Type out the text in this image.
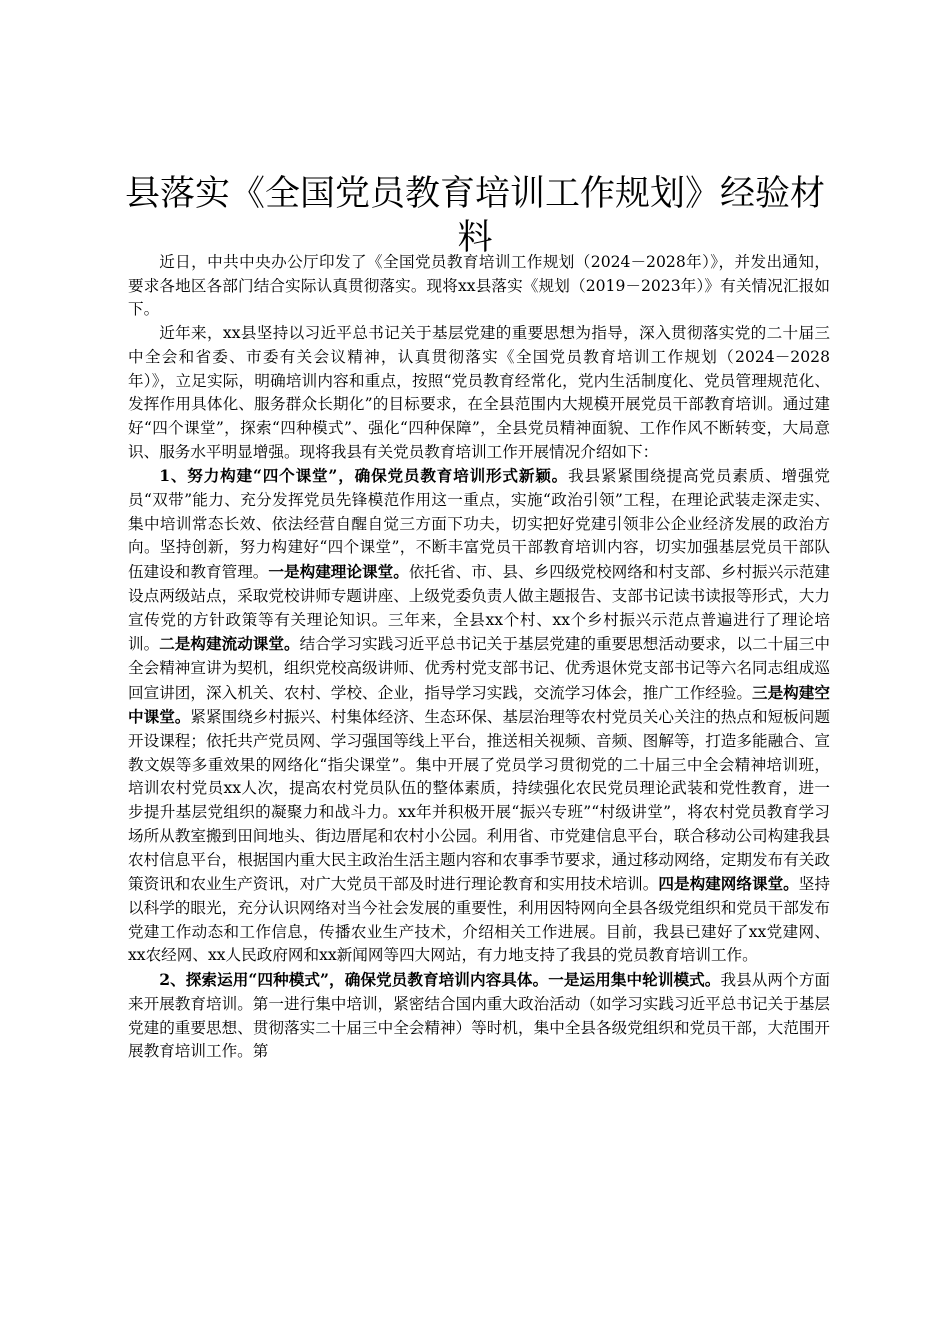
县落实《全国党员教育培训工作规划》经验材料

近日，中共中央办公厅印发了《全国党员教育培训工作规划（2024－2028年）》，并发出通知，要求各地区各部门结合实际认真贯彻落实。现将xx县落实《规划（2019－2023年）》有关情况汇报如下。

近年来，xx县坚持以习近平总书记关于基层党建的重要思想为指导，深入贯彻落实党的二十届三中全会和省委、市委有关会议精神，认真贯彻落实《全国党员教育培训工作规划（2024－2028年）》，立足实际，明确培训内容和重点，按照“党员教育经常化，党内生活制度化、党员管理规范化、发挥作用具体化、服务群众长期化”的目标要求，在全县范围内大规模开展党员干部教育培训。通过建好“四个课堂”，探索“四种模式”、强化“四种保障”，全县党员精神面貌、工作作风不断转变，大局意识、服务水平明显增强。现将我县有关党员教育培训工作开展情况介绍如下：

1、努力构建“四个课堂”，确保党员教育培训形式新颖。我县紧紧围绕提高党员素质、增强党员“双带”能力、充分发挥党员先锋模范作用这一重点，实施“政治引领”工程，在理论武装走深走实、集中培训常态长效、依法经营自醒自觉三方面下功夫，切实把好党建引领非公企业经济发展的政治方向。坚持创新，努力构建好“四个课堂”，不断丰富党员干部教育培训内容，切实加强基层党员干部队伍建设和教育管理。一是构建理论课堂。依托省、市、县、乡四级党校网络和村支部、乡村振兴示范建设点两级站点，采取党校讲师专题讲座、上级党委负责人做主题报告、支部书记读书读报等形式，大力宣传党的方针政策等有关理论知识。三年来，全县xx个村、xx个乡村振兴示范点普遍进行了理论培训。二是构建流动课堂。结合学习实践习近平总书记关于基层党建的重要思想活动要求，以二十届三中全会精神宣讲为契机，组织党校高级讲师、优秀村党支部书记、优秀退休党支部书记等六名同志组成巡回宣讲团，深入机关、农村、学校、企业，指导学习实践，交流学习体会，推广工作经验。三是构建空中课堂。紧紧围绕乡村振兴、村集体经济、生态环保、基层治理等农村党员关心关注的热点和短板问题开设课程；依托共产党员网、学习强国等线上平台，推送相关视频、音频、图解等，打造多能融合、宣教文娱等多重效果的网络化“指尖课堂”。集中开展了党员学习贯彻党的二十届三中全会精神培训班，培训农村党员xx人次，提高农村党员队伍的整体素质，持续强化农民党员理论武装和党性教育，进一步提升基层党组织的凝聚力和战斗力。xx年并积极开展“振兴专班”“村级讲堂”，将农村党员教育学习场所从教室搬到田间地头、街边厝尾和农村小公园。利用省、市党建信息平台，联合移动公司构建我县农村信息平台，根据国内重大民主政治生活主题内容和农事季节要求，通过移动网络，定期发布有关政策资讯和农业生产资讯，对广大党员干部及时进行理论教育和实用技术培训。四是构建网络课堂。坚持以科学的眼光，充分认识网络对当今社会发展的重要性，利用因特网向全县各级党组织和党员干部发布党建工作动态和工作信息，传播农业生产技术，介绍相关工作进展。目前，我县已建好了xx党建网、xx农经网、xx人民政府网和xx新闻网等四大网站，有力地支持了我县的党员教育培训工作。

2、探索运用“四种模式”，确保党员教育培训内容具体。一是运用集中轮训模式。我县从两个方面来开展教育培训。第一进行集中培训，紧密结合国内重大政治活动（如学习实践习近平总书记关于基层党建的重要思想、贯彻落实二十届三中全会精神）等时机，集中全县各级党组织和党员干部，大范围开展教育培训工作。第
